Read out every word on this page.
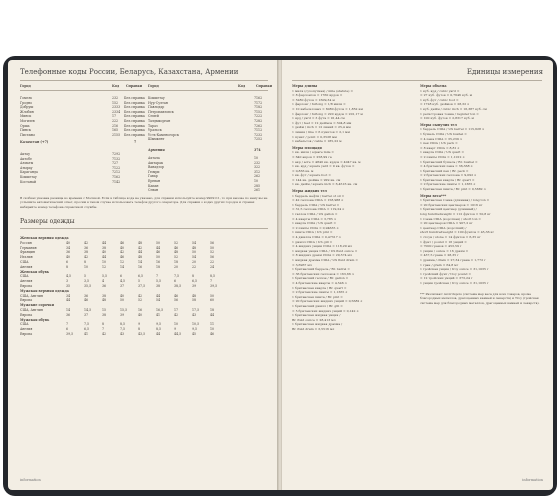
Телефонные коды России, Беларусь, Казахстана, Армении
Город	Код Справки Город	Код	Справки
Гомель	232 Бел.справка
Гродно	152 Бел.справка
Добруш	2333 Бел.справка
Жлобин	2334 Бел.справка
Минск	17 Бел.справка
Могилев	222 Бел.справка
Орша	216 Бел.справка
Пинск	165 Бел.справка
Пиставы	2155 Бел.справка
Кокшетау	7162
Нур-Султан	7172
Павлодар	7182
Петропавловск	7152
Семей	7222
Талдыкорган	7282
Тараз	7262
Уральск	7112
Усть-Каменогорск	7232
Шымкент	7252
Казахстан (+7)	7
Армения	374
Актау	7292
Актобе	7132
Алматы	727
Атырау	7122
Караганда	7212
Кокшетау	7162
Костанай	7142
Ахтала	10
Аштарак	232
Ванадзор	322
Гюмри	312
Гавар	262
Ереван	10
Капан	285
Севан	261
В скобках указана разница во времени с Москвой. Если в таблице кода не указано, для справки используйте номер 9909111, то при вызове по нему вы не услышите автоматический ответ, просим в таком случае использовать телефон другого оператора. Для справки о кодах других городов и странах набирайте номер телефона справочной службы.
Размеры одежды
Женская верхняя одежда
Россия	40	42	44	46	48	50	52	54	56
Германия	34	36	38	40	42	44	46	48	50
Франция	36	38	40	42	44	46	48	50	52
Италия	40	42	44	46	48	50	52	54	56
США	6	8	10	12	14	16	18	20	22
Англия	8	10	12	14	16	18	20	22	24
Женская обувь
США	4,5	5	5,5	6	6,5	7	7,5	8	8,5
Англия	3	3,5	4	4,5	5	5,5	6	6,5	7
Европа	35	35,5	36	37	37,5	38	38,5	39	39,5
Мужская верхняя одежда
США, Англия	34	36	38	40	42	44	46	48	50
Европа	44	46	48	50	52	54	56	58	60
Мужские сорочки
США, Англия	14	14,5	15	15,5	16	16,5	17	17,5	18
Европа	36	37	38	39	40	41	42	43	44
Мужская обувь
США	7	7,5	8	8,5	9	9,5	10	10,5	11
Англия	6	6,5	7	7,5	8	8,5	9	9,5	10
Европа	39,5	41	42	43	43,5	44	44,5	45	46
information
Единицы измерения

Меры длины

1 миля (сухопутная) / mile (statute) =

= 8 фарлонгов = 1760 ярдов =

= 5280 футов = 1609,34 м

1 фарлонг / furlong = 1/8 мили =

= 10 кабельтовых = 6080 футов = 1,852 км

1 фарлонг / furlong = 220 ярдов = 201,17 м

1 ярд / yard = 3 фута = 91,44 см

1 фут / feet = 12 дюймов = 304,8 мм

1 дюйм / inch = 12 линий = 25,4 мм

1 линия / line = 6 пунктов = 2,1 мм

1 пункт / point = 0,3528 мм

1 кабельтов / cable = 185,22 м

Меры площади

1 кв. миля / square mile =

= 640 акров = 258,99 га

1 акр / acre = 4840 кв. ярдов = 4047 кв. м

1 кв. ярд / square yard = 9 кв. футов =

= 0,836 кв. м

1 кв. фут / square foot =

= 144 кв. дюйма = 929 кв. см

1 кв. дюйм / square inch = 6,4516 кв. см

Меры жидких тел

1 баррель нефти / barrel of oil =

= 42 галлона США = 158,988 л

1 баррель США / US barrel =

= 31,5 галлона США = 119,24 л

1 галлон США / US gallon =

= 4 кварты США = 3,785 л

1 кварта США / US quart =

= 2 пинты США = 0,94635 л

1 пинта США / US pint =

= 4 джилла США = 0,47317 л

1 джилл США / US gill =

= 4 жидких унции США = 118,29 мл

1 жидкая унция США / US fluid ounce =

= 8 жидких драхм США = 29,574 мл

1 жидкая драхма США / US fluid dram =

= 3,6967 мл

1 британский баррель / Br. barrel =

= 36 британских галлонов = 163,66 л

1 британский галлон / Br. gallon =

= 4 британские кварты = 4,546 л

1 британская кварта / Br. quart =

= 2 британские пинты = 1,1365 л

1 британская пинта / Br. pint =

= 20 британских жидких унций = 0,5682 л

1 британский джилл / Br. gill =

= 5 британских жидких унций = 0,142 л

1 британская жидкая унция /

Br. fluid ounce = 28,413 мл

1 британская жидкая драхма /

Br. fluid dram = 3,5516 мл

Меры объема

1 куб. ярд / cubic yard =

= 27 куб. футов = 0,7646 куб. м

1 куб. фут / cubic foot =

= 1728 куб. дюймов = 28,32 л

1 куб. дюйм / cubic inch = 16,387 куб. см

1 регистровая тонна / register ton =

= 100 куб. футов = 2,8317 куб. м

Меры сыпучих тел

1 баррель США / US barrel = 115,628 л

1 бушель США / US bushel =

= 4 пека США = 35,239 л

1 пек США / US peck =

= 8 кварт США = 8,81 л

1 кварта США / US quart =

= 2 пинты США = 1,1012 л

1 британский бушель / Br. bushel =

= 4 британских пека = 36,368 л

1 британский пек / Br. peck =

= 2 британских галлона = 9,092 л

1 британская кварта / Br. quart =

= 2 британские пинты = 1,1365 л

1 британская пинта / Br. pint = 0,5682 л

Меры веса***

1 британская тонна (длинная) / long ton =

= 20 британских центнеров = 1016 кг

1 британский центнер (длинный) /

long hundredweight = 112 фунтов = 50,8 кг

1 тонна США (короткая) / short ton =

= 20 центнеров США = 907,2 кг

1 центнер США (короткий) /

short hundredweight = 100 фунтов = 45,36 кг

1 стоун / stone = 14 фунтов = 6,35 кг

1 фунт / pound = 16 унций =

= 7000 гранов = 453,59 г

1 унция / ounce = 16 драхм =

= 437,5 грана = 28,35 г

1 драхма / dram = 27,34 грана = 1,772 г

1 гран / grain = 64,8 мг

1 тройская унция / troy ounce = 31,1035 г

1 тройский фунт / troy pound =

= 12 тройских унций = 373,24 г

1 унция тройская / troy ounce = 31,1035 г

*** Различают Avoirdupois (система мер веса для всех товаров, кроме благородных металлов, драгоценных камней и лекарств) и Troy (тройская система мер для благородных металлов, драгоценных камней и лекарств).
information
